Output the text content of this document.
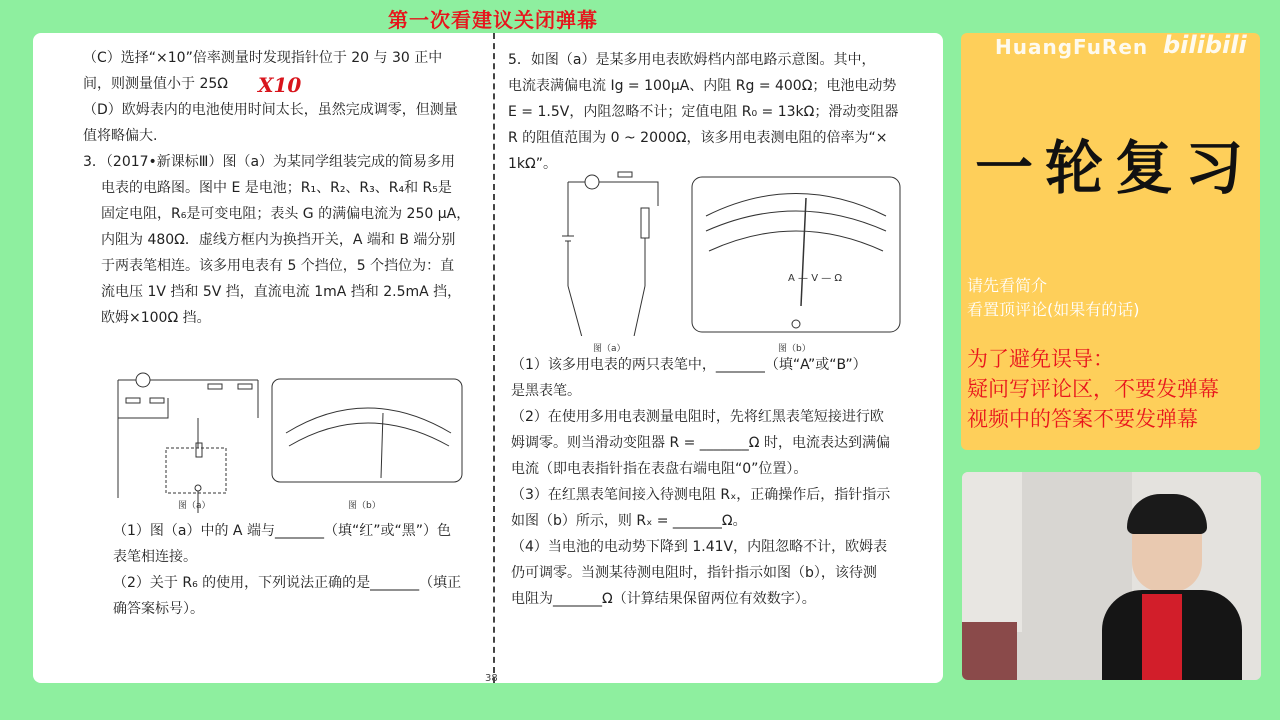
第一次看建议关闭弹幕

（C）选择“×10”倍率测量时发现指针位于 20 与 30 正中

间，则测量值小于 25Ω

（D）欧姆表内的电池使用时间太长，虽然完成调零，但测量

值将略偏大.

3．（2017•新课标Ⅲ）图（a）为某同学组装完成的简易多用

电表的电路图。图中 E 是电池；R₁、R₂、R₃、R₄和 R₅是

固定电阻，R₆是可变电阻；表头 G 的满偏电流为 250 μA，

内阻为 480Ω．虚线方框内为换挡开关，A 端和 B 端分别

于两表笔相连。该多用电表有 5 个挡位，5 个挡位为：直

流电压 1V 挡和 5V 挡，直流电流 1mA 挡和 2.5mA 挡，

欧姆×100Ω 挡。

X10
图（a）	图（b）

（1）图（a）中的 A 端与_______（填“红”或“黑”）色

表笔相连接。

（2）关于 R₆ 的使用，下列说法正确的是_______（填正

确答案标号）。

5．如图（a）是某多用电表欧姆档内部电路示意图。其中，

电流表满偏电流 Ig = 100μA、内阻 Rg = 400Ω；电池电动势

E = 1.5V，内阻忽略不计；定值电阻 R₀ = 13kΩ；滑动变阻器

R 的阻值范围为 0 ~ 2000Ω，该多用电表测电阻的倍率为“×

1kΩ”。

图（a）
A — V — Ω
图（b）

（1）该多用电表的两只表笔中，_______（填“A”或“B”）

是黑表笔。

（2）在使用多用电表测量电阻时，先将红黑表笔短接进行欧

姆调零。则当滑动变阻器 R = _______Ω 时，电流表达到满偏

电流（即电表指针指在表盘右端电阻“0”位置）。

（3）在红黑表笔间接入待测电阻 Rₓ，正确操作后，指针指示

如图（b）所示，则 Rₓ = _______Ω。

（4）当电池的电动势下降到 1.41V，内阻忽略不计，欧姆表

仍可调零。当测某待测电阻时，指针指示如图（b），该待测

电阻为_______Ω（计算结果保留两位有效数字）。

38
HuangFuRen bilibili
一轮复习
请先看简介
看置顶评论(如果有的话)
为了避免误导：
疑问写评论区，不要发弹幕
视频中的答案不要发弹幕
